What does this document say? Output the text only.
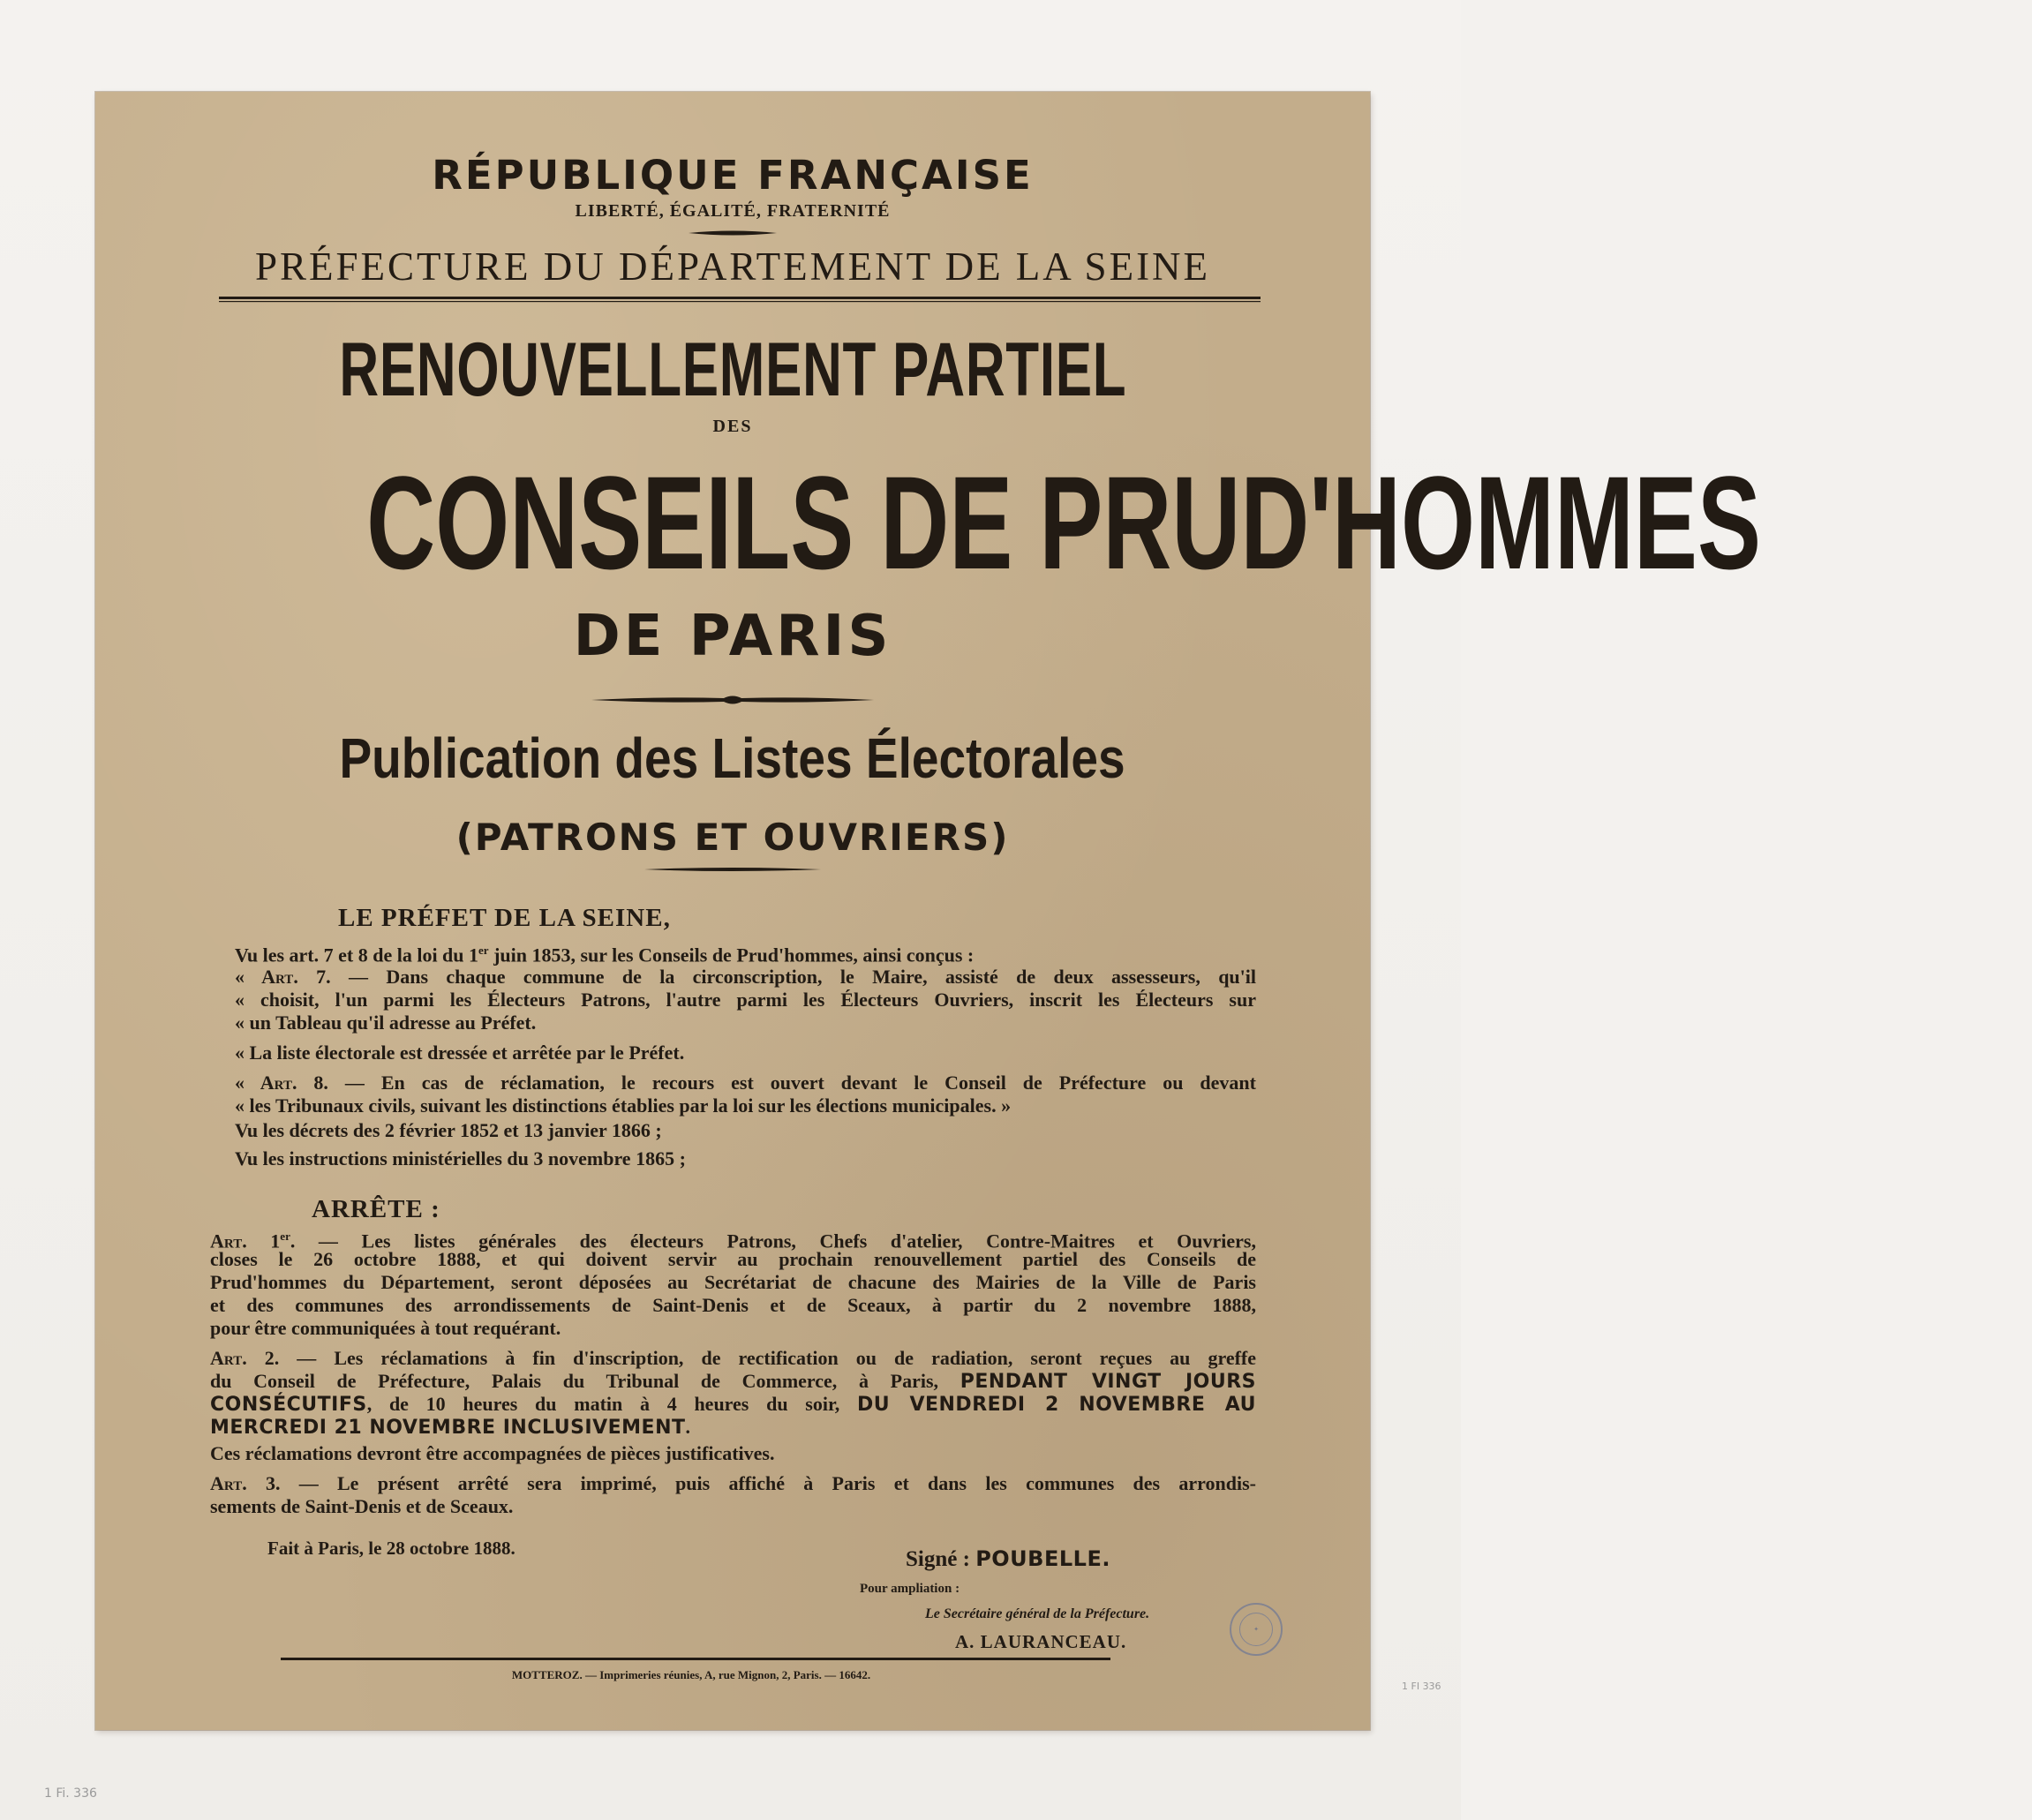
RÉPUBLIQUE FRANÇAISE
LIBERTÉ, ÉGALITÉ, FRATERNITÉ
PRÉFECTURE DU DÉPARTEMENT DE LA SEINE
RENOUVELLEMENT PARTIEL
DES
CONSEILS DE PRUD'HOMMES
DE PARIS
Publication des Listes Électorales
(PATRONS ET OUVRIERS)
LE PRÉFET DE LA SEINE,
Vu les art. 7 et 8 de la loi du 1er juin 1853, sur les Conseils de Prud'hommes, ainsi conçus :
« Art. 7. — Dans chaque commune de la circonscription, le Maire, assisté de deux assesseurs, qu'il
« choisit, l'un parmi les Électeurs Patrons, l'autre parmi les Électeurs Ouvriers, inscrit les Électeurs sur
« un Tableau qu'il adresse au Préfet.
« La liste électorale est dressée et arrêtée par le Préfet.
« Art. 8. — En cas de réclamation, le recours est ouvert devant le Conseil de Préfecture ou devant
« les Tribunaux civils, suivant les distinctions établies par la loi sur les élections municipales. »
Vu les décrets des 2 février 1852 et 13 janvier 1866 ;
Vu les instructions ministérielles du 3 novembre 1865 ;
Art. 1er. — Les listes générales des électeurs Patrons, Chefs d'atelier, Contre-Maitres et Ouvriers,
closes le 26 octobre 1888, et qui doivent servir au prochain renouvellement partiel des Conseils de
Prud'hommes du Département, seront déposées au Secrétariat de chacune des Mairies de la Ville de Paris
et des communes des arrondissements de Saint-Denis et de Sceaux, à partir du 2 novembre 1888,
pour être communiquées à tout requérant.
Art. 2. — Les réclamations à fin d'inscription, de rectification ou de radiation, seront reçues au greffe
du Conseil de Préfecture, Palais du Tribunal de Commerce, à Paris, PENDANT VINGT JOURS
CONSÉCUTIFS, de 10 heures du matin à 4 heures du soir, DU VENDREDI 2 NOVEMBRE AU
MERCREDI 21 NOVEMBRE INCLUSIVEMENT.
Ces réclamations devront être accompagnées de pièces justificatives.
Art. 3. — Le présent arrêté sera imprimé, puis affiché à Paris et dans les communes des arrondis-
sements de Saint-Denis et de Sceaux.
ARRÊTE :
Fait à Paris, le 28 octobre 1888.	Signé : POUBELLE.
Pour ampliation :
Le Secrétaire général de la Préfecture.
A. LAURANCEAU.
✦
MOTTEROZ. — Imprimeries réunies, A, rue Mignon, 2, Paris. — 16642.
1 FI 336
1 Fi. 336
